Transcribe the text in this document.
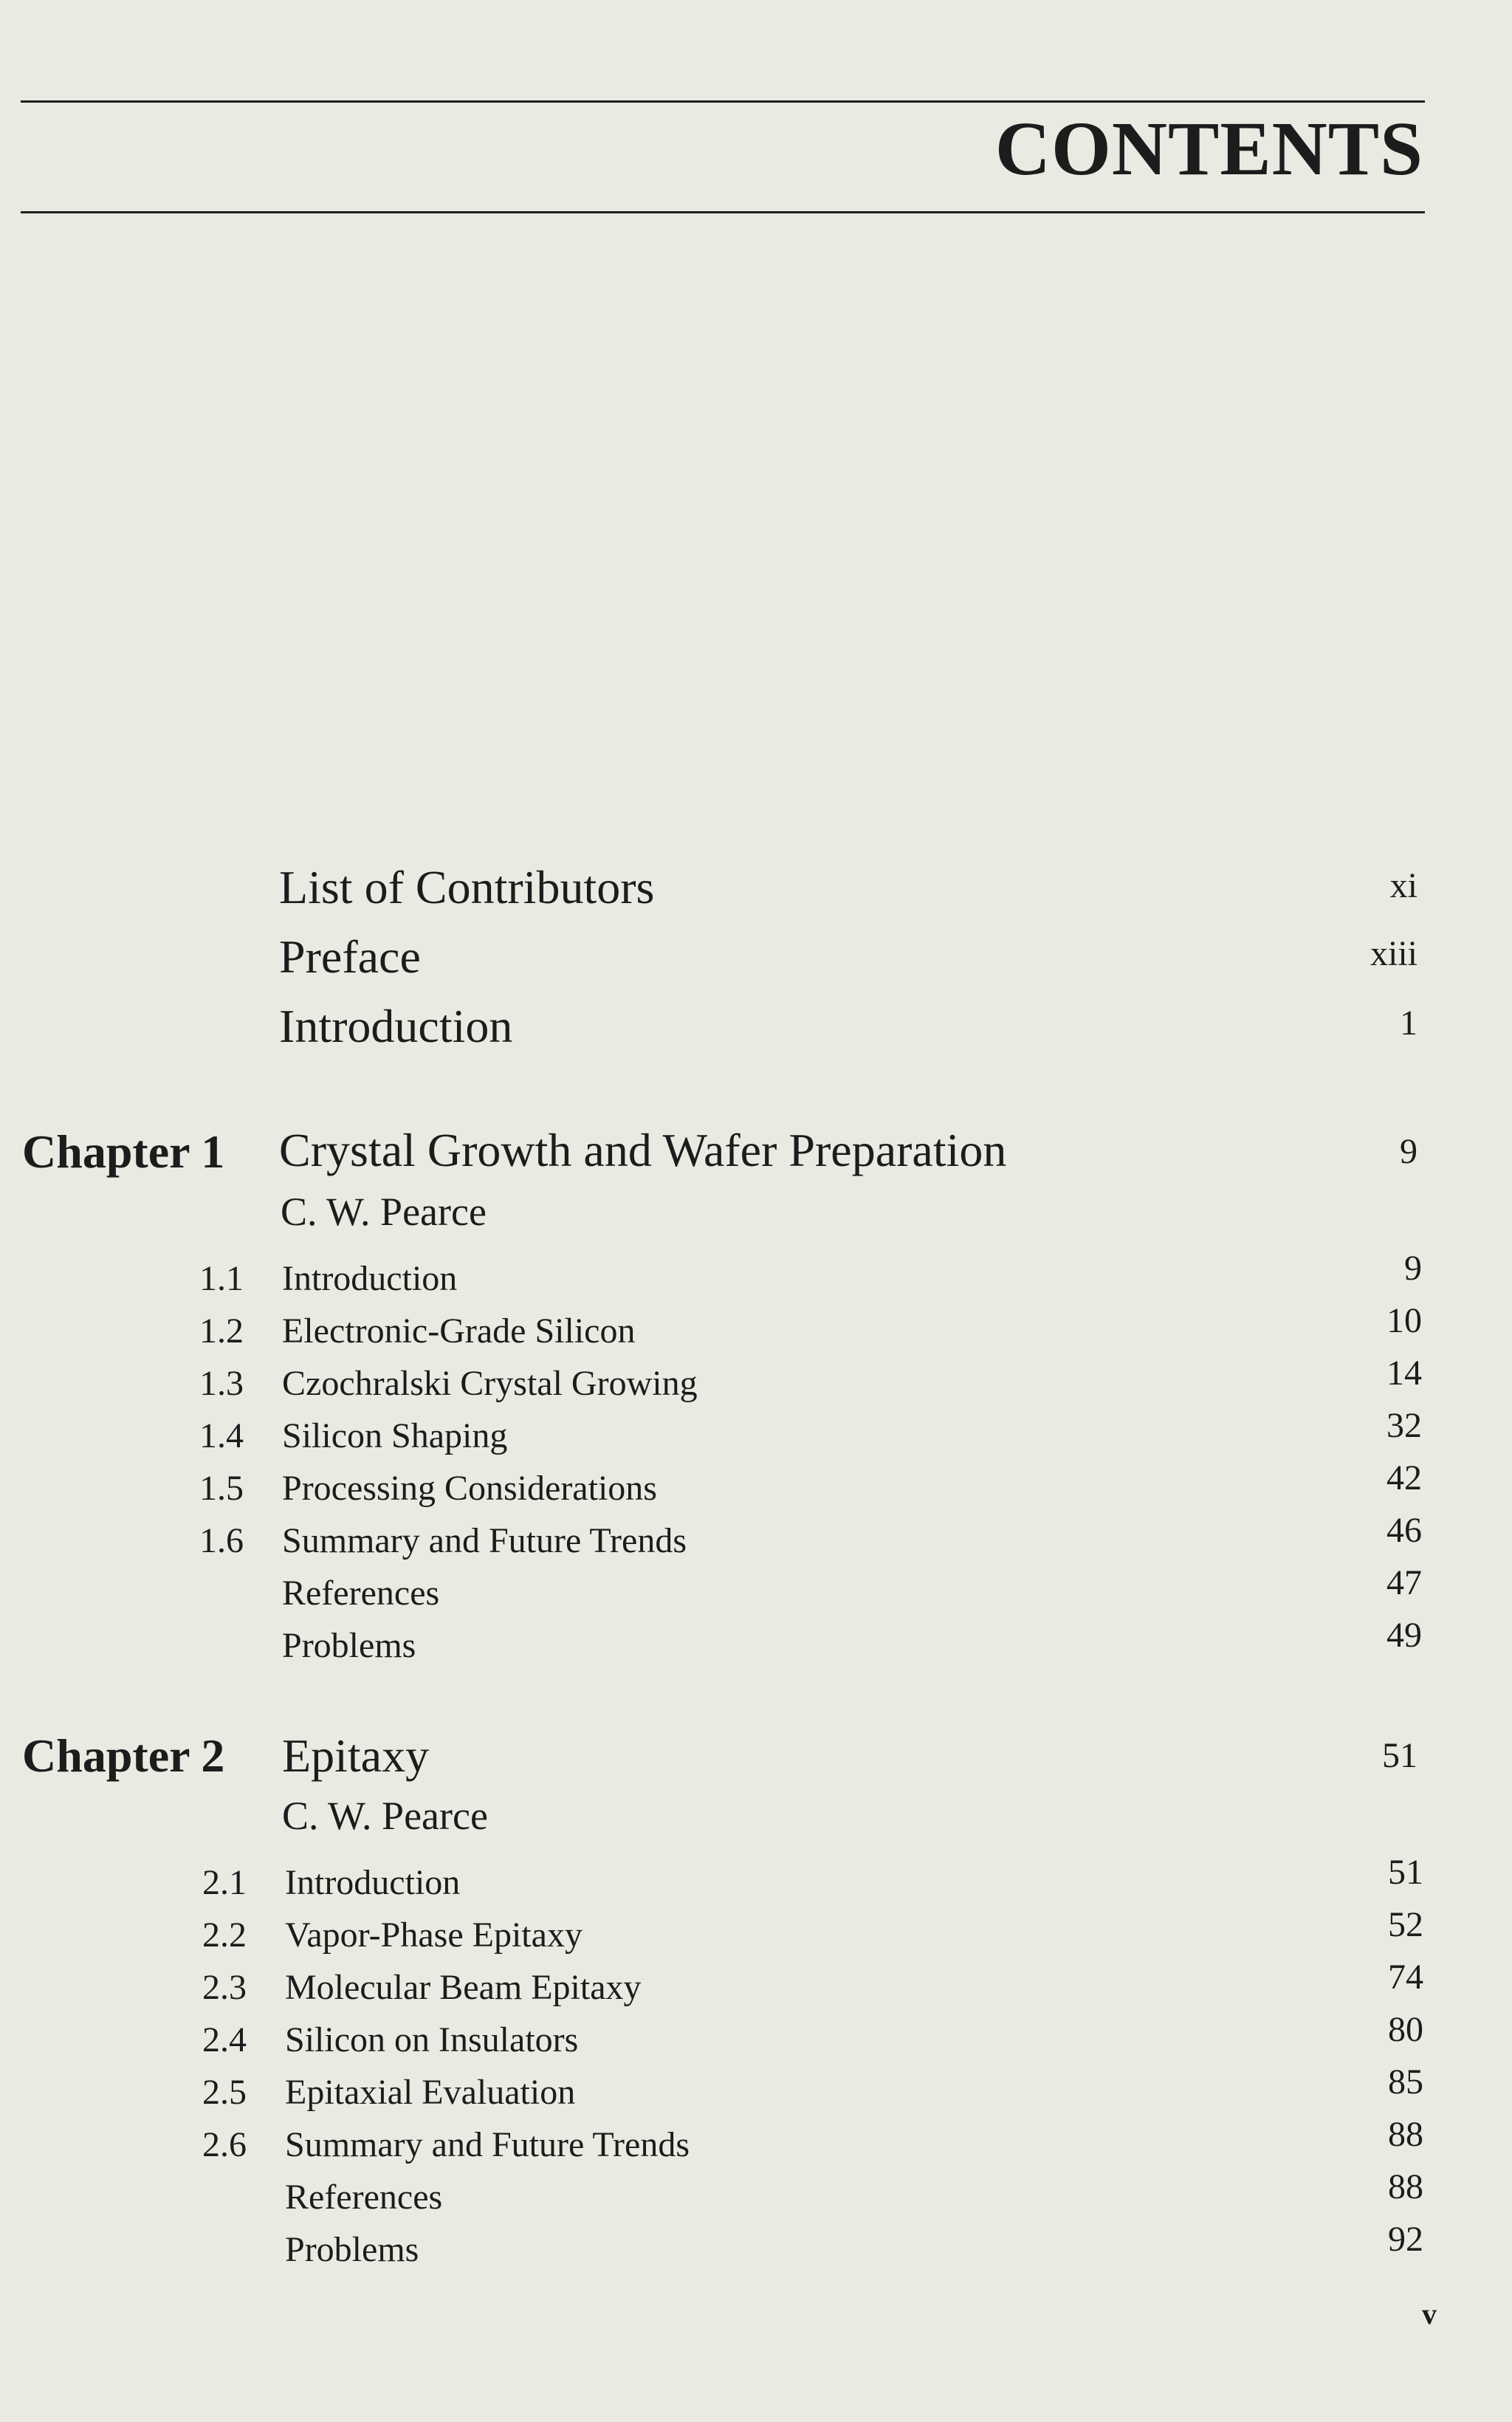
CONTENTS
List of Contributors	xi
Preface	xiii
Introduction	1
Chapter 1 Crystal Growth and Wafer Preparation	9
C. W. Pearce
1.1 Introduction	9
1.2 Electronic-Grade Silicon	10
1.3 Czochralski Crystal Growing	14
1.4 Silicon Shaping	32
1.5 Processing Considerations	42
1.6 Summary and Future Trends	46
References	47
Problems	49
Chapter 2 Epitaxy	51
C. W. Pearce
2.1 Introduction	51
2.2 Vapor-Phase Epitaxy	52
2.3 Molecular Beam Epitaxy	74
2.4 Silicon on Insulators	80
2.5 Epitaxial Evaluation	85
2.6 Summary and Future Trends	88
References	88
Problems	92
v
